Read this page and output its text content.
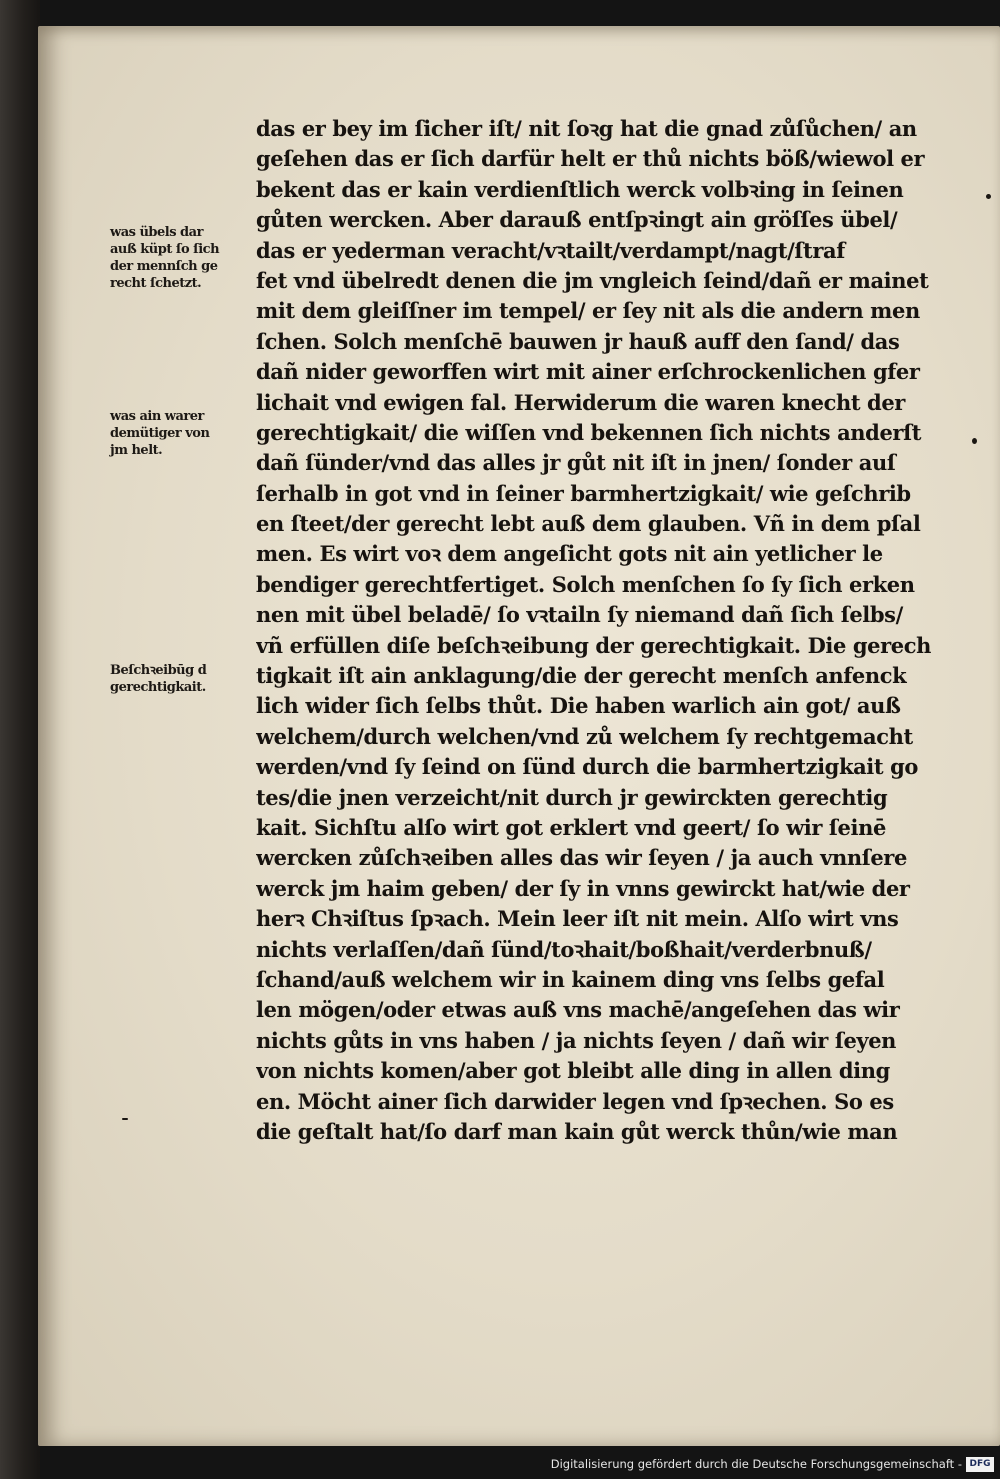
was übels dar
auß küpt ſo ſich
der mennſch ge
recht ſchetzt.
was ain warer
demütiger von
jm helt.
Beſchꝛeibūg d
gerechtigkait.
das er bey im ſicher iſt/ nit ſoꝛg hat die gnad zůſůchen/ an
geſehen das er ſich darfür helt er thů nichts böß/wiewol er
bekent das er kain verdienſtlich werck volbꝛing in ſeinen
gůten wercken. Aber darauß entſpꝛingt ain gröſſes übel/
das er yederman veracht/vꝛtailt/verdampt/nagt/ſtraf
fet vnd übelredt denen die jm vngleich ſeind/dañ er mainet
mit dem gleiſſner im tempel/ er ſey nit als die andern men
ſchen. Solch menſchē bauwen jr hauß auff den ſand/ das
dañ nider geworffen wirt mit ainer erſchrockenlichen gfer
lichait vnd ewigen fal. Herwiderum die waren knecht der
gerechtigkait/ die wiſſen vnd bekennen ſich nichts anderſt
dañ ſünder/vnd das alles jr gůt nit iſt in jnen/ ſonder auſ
ſerhalb in got vnd in ſeiner barmhertzigkait/ wie geſchrib
en ſteet/der gerecht lebt auß dem glauben. Vñ in dem pſal
men. Es wirt voꝛ dem angeſicht gots nit ain yetlicher le
bendiger gerechtfertiget. Solch menſchen ſo ſy ſich erken
nen mit übel beladē/ ſo vꝛtailn ſy niemand dañ ſich ſelbs/
vñ erfüllen diſe beſchꝛeibung der gerechtigkait. Die gerech
tigkait iſt ain anklagung/die der gerecht menſch anfenck
lich wider ſich ſelbs thůt. Die haben warlich ain got/ auß
welchem/durch welchen/vnd zů welchem ſy rechtgemacht
werden/vnd ſy ſeind on ſünd durch die barmhertzigkait go
tes/die jnen verzeicht/nit durch jr gewirckten gerechtig
kait. Sichſtu alſo wirt got erklert vnd geert/ ſo wir ſeinē
wercken zůſchꝛeiben alles das wir ſeyen / ja auch vnnſere
werck jm haim geben/ der ſy in vnns gewirckt hat/wie der
herꝛ Chꝛiſtus ſpꝛach. Mein leer iſt nit mein. Alſo wirt vns
nichts verlaſſen/dañ ſünd/toꝛhait/boßhait/verderbnuß/
ſchand/auß welchem wir in kainem ding vns ſelbs gefal
len mögen/oder etwas auß vns machē/angeſehen das wir
nichts gůts in vns haben / ja nichts ſeyen / dañ wir ſeyen
von nichts komen/aber got bleibt alle ding in allen ding
en. Möcht ainer ſich darwider legen vnd ſpꝛechen. So es
die geſtalt hat/ſo darf man kain gůt werck thůn/wie man
Digitalisierung gefördert durch die Deutsche Forschungsgemeinschaft - DFG
